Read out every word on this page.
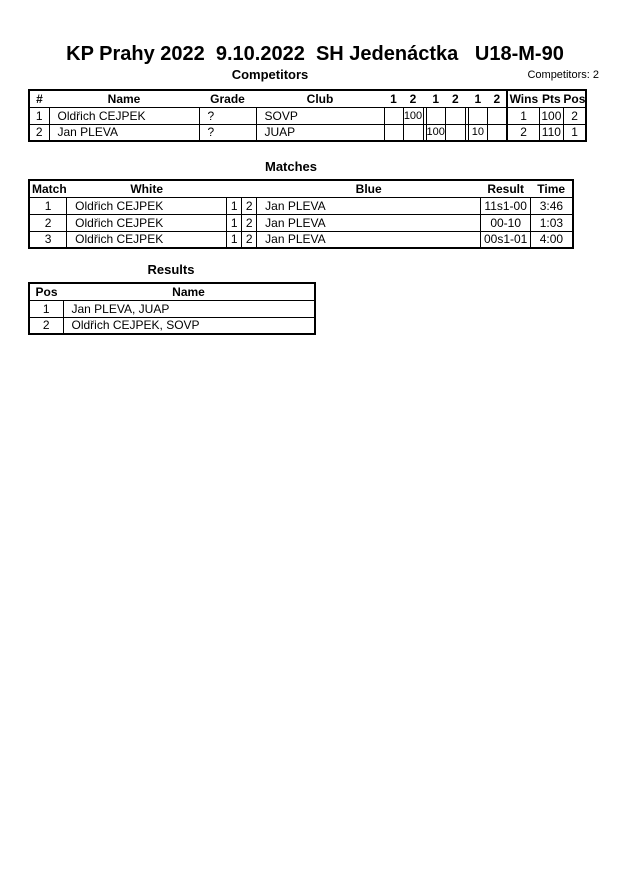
KP Prahy 2022  9.10.2022  SH Jedenáctka   U18-M-90
Competitors	Competitors: 2
#	Name	Grade	Club	1	2		1	2		1	2	Wins	Pts	Pos
1	Oldřich CEJPEK	?	SOVP		100							1	100	2
2	Jan PLEVA	?	JUAP				100			10		2	110	1
Matches
Match	White			Blue	Result	Time
1	Oldřich CEJPEK	1	2	Jan PLEVA	11s1-00	3:46
2	Oldřich CEJPEK	1	2	Jan PLEVA	00-10	1:03
3	Oldřich CEJPEK	1	2	Jan PLEVA	00s1-01	4:00
Results
Pos	Name
1	Jan PLEVA, JUAP
2	Oldřich CEJPEK, SOVP
